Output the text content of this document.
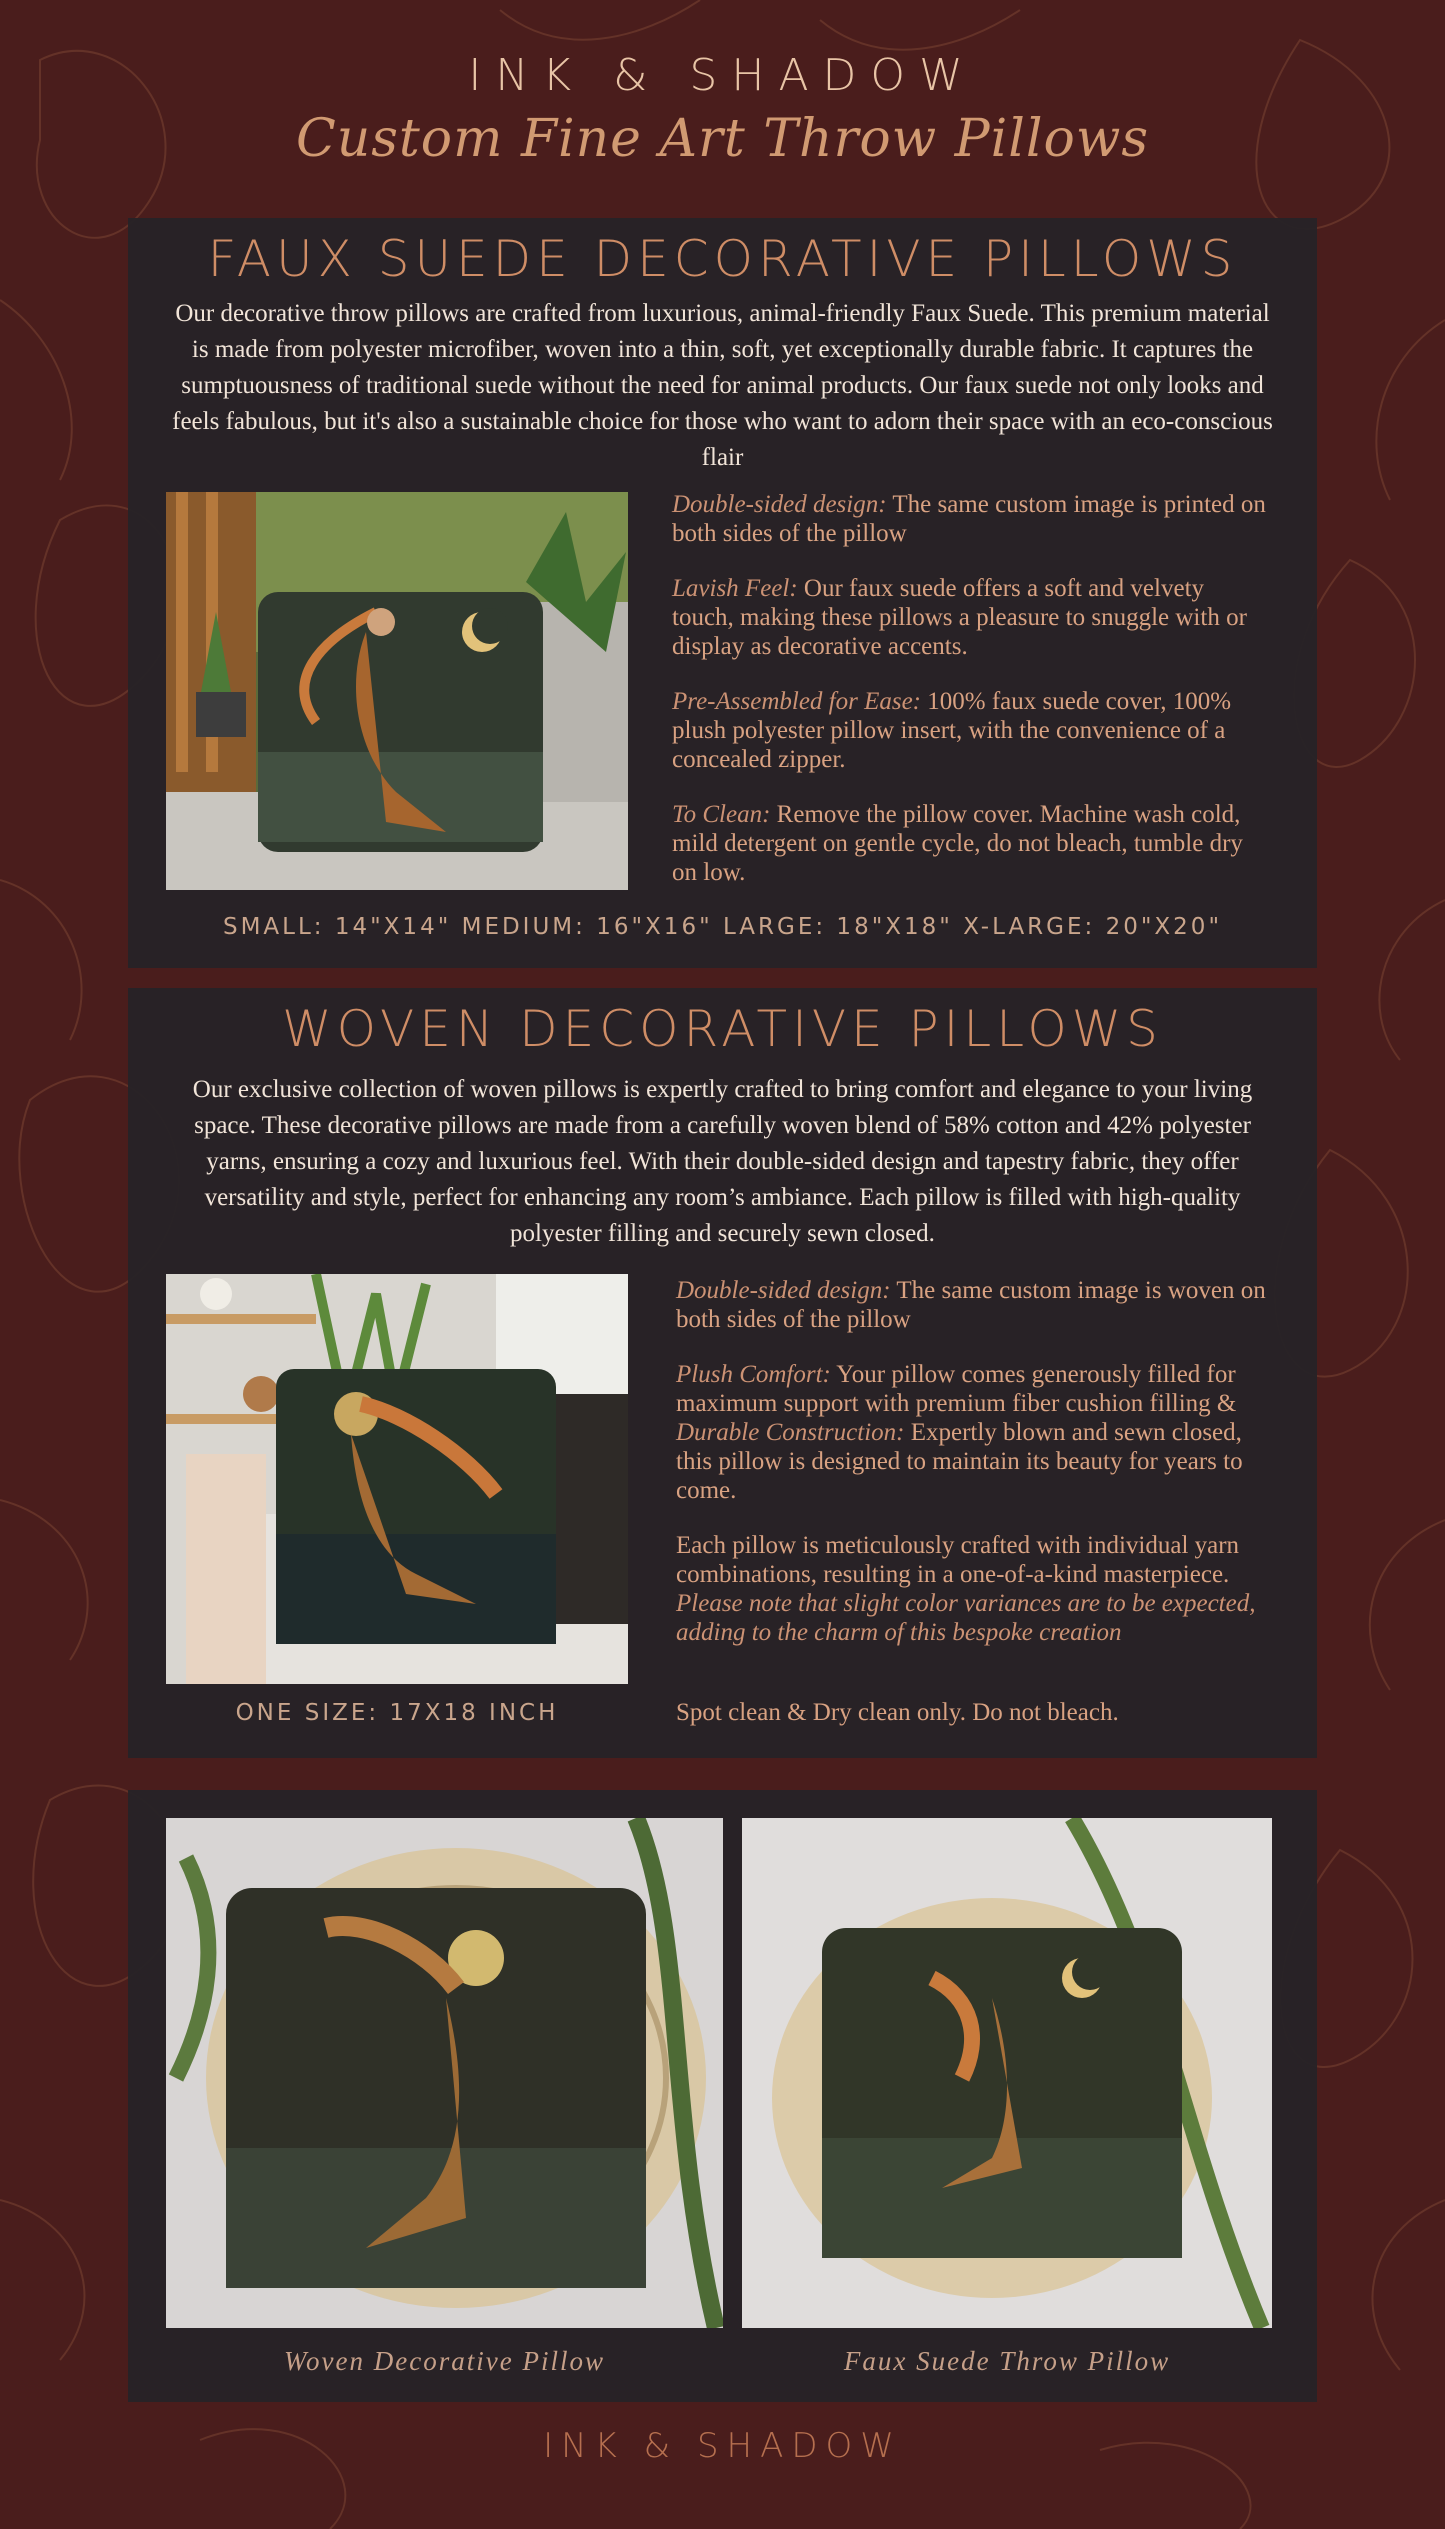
INK & SHADOW
Custom Fine Art Throw Pillows
FAUX SUEDE DECORATIVE PILLOWS
Our decorative throw pillows are crafted from luxurious, animal-friendly Faux Suede. This premium material is made from polyester microfiber, woven into a thin, soft, yet exceptionally durable fabric. It captures the sumptuousness of traditional suede without the need for animal products. Our faux suede not only looks and feels fabulous, but it's also a sustainable choice for those who want to adorn their space with an eco-conscious flair

Double-sided design: The same custom image is printed on both sides of the pillow

Lavish Feel: Our faux suede offers a soft and velvety touch, making these pillows a pleasure to snuggle with or display as decorative accents.

Pre-Assembled for Ease: 100% faux suede cover, 100% plush polyester pillow insert, with the convenience of a concealed zipper.

To Clean: Remove the pillow cover. Machine wash cold, mild detergent on gentle cycle, do not bleach, tumble dry on low.

SMALL: 14"X14" MEDIUM: 16"X16" LARGE: 18"X18" X-LARGE: 20"X20"
WOVEN DECORATIVE PILLOWS
Our exclusive collection of woven pillows is expertly crafted to bring comfort and elegance to your living space. These decorative pillows are made from a carefully woven blend of 58% cotton and 42% polyester yarns, ensuring a cozy and luxurious feel. With their double-sided design and tapestry fabric, they offer versatility and style, perfect for enhancing any room’s ambiance. Each pillow is filled with high-quality polyester filling and securely sewn closed.

Double-sided design: The same custom image is woven on both sides of the pillow

Plush Comfort: Your pillow comes generously filled for maximum support with premium fiber cushion filling & Durable Construction: Expertly blown and sewn closed, this pillow is designed to maintain its beauty for years to come.

Each pillow is meticulously crafted with individual yarn combinations, resulting in a one-of-a-kind masterpiece. Please note that slight color variances are to be expected, adding to the charm of this bespoke creation

ONE SIZE: 17X18 INCH	Spot clean & Dry clean only. Do not bleach.
Woven Decorative Pillow	Faux Suede Throw Pillow
INK & SHADOW
